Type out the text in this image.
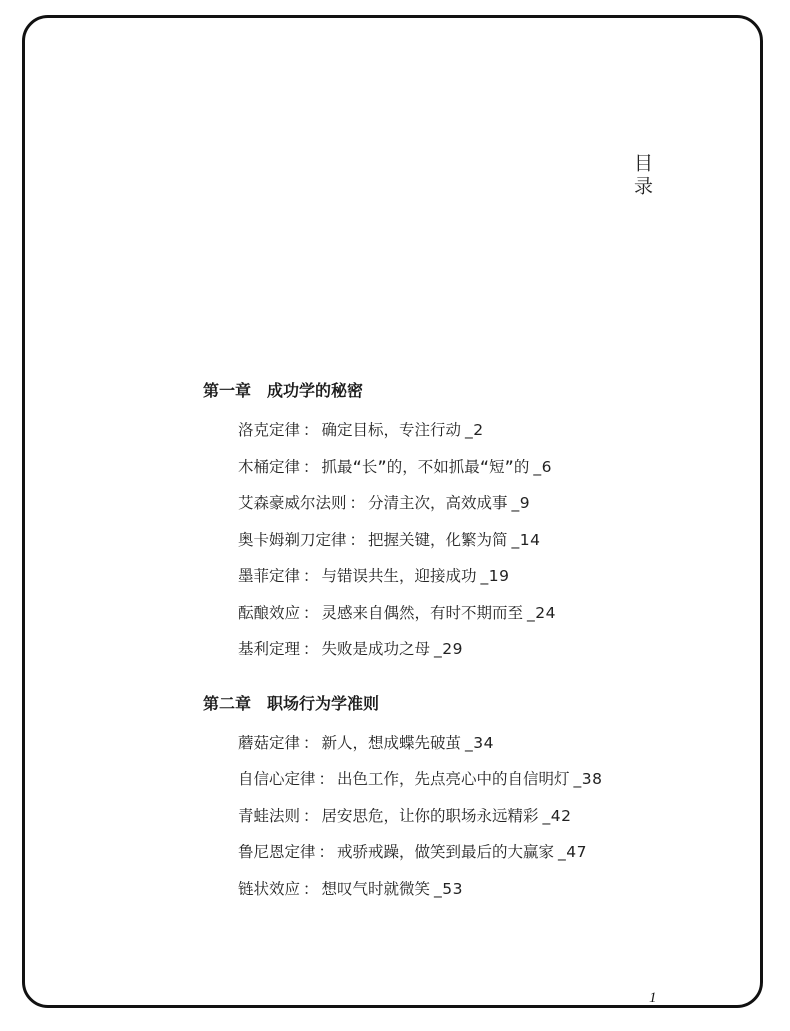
目录
第一章 成功学的秘密
洛克定律 ： 确定目标，专注行动 _2
木桶定律 ： 抓最“长”的，不如抓最“短”的 _6
艾森豪威尔法则 ： 分清主次，高效成事 _9
奥卡姆剃刀定律 ： 把握关键，化繁为简 _14
墨菲定律 ： 与错误共生，迎接成功 _19
酝酿效应 ： 灵感来自偶然，有时不期而至 _24
基利定理 ： 失败是成功之母 _29
第二章 职场行为学准则
蘑菇定律 ： 新人，想成蝶先破茧 _34
自信心定律 ： 出色工作，先点亮心中的自信明灯 _38
青蛙法则 ： 居安思危，让你的职场永远精彩 _42
鲁尼恩定律 ： 戒骄戒躁，做笑到最后的大赢家 _47
链状效应 ： 想叹气时就微笑 _53
1
